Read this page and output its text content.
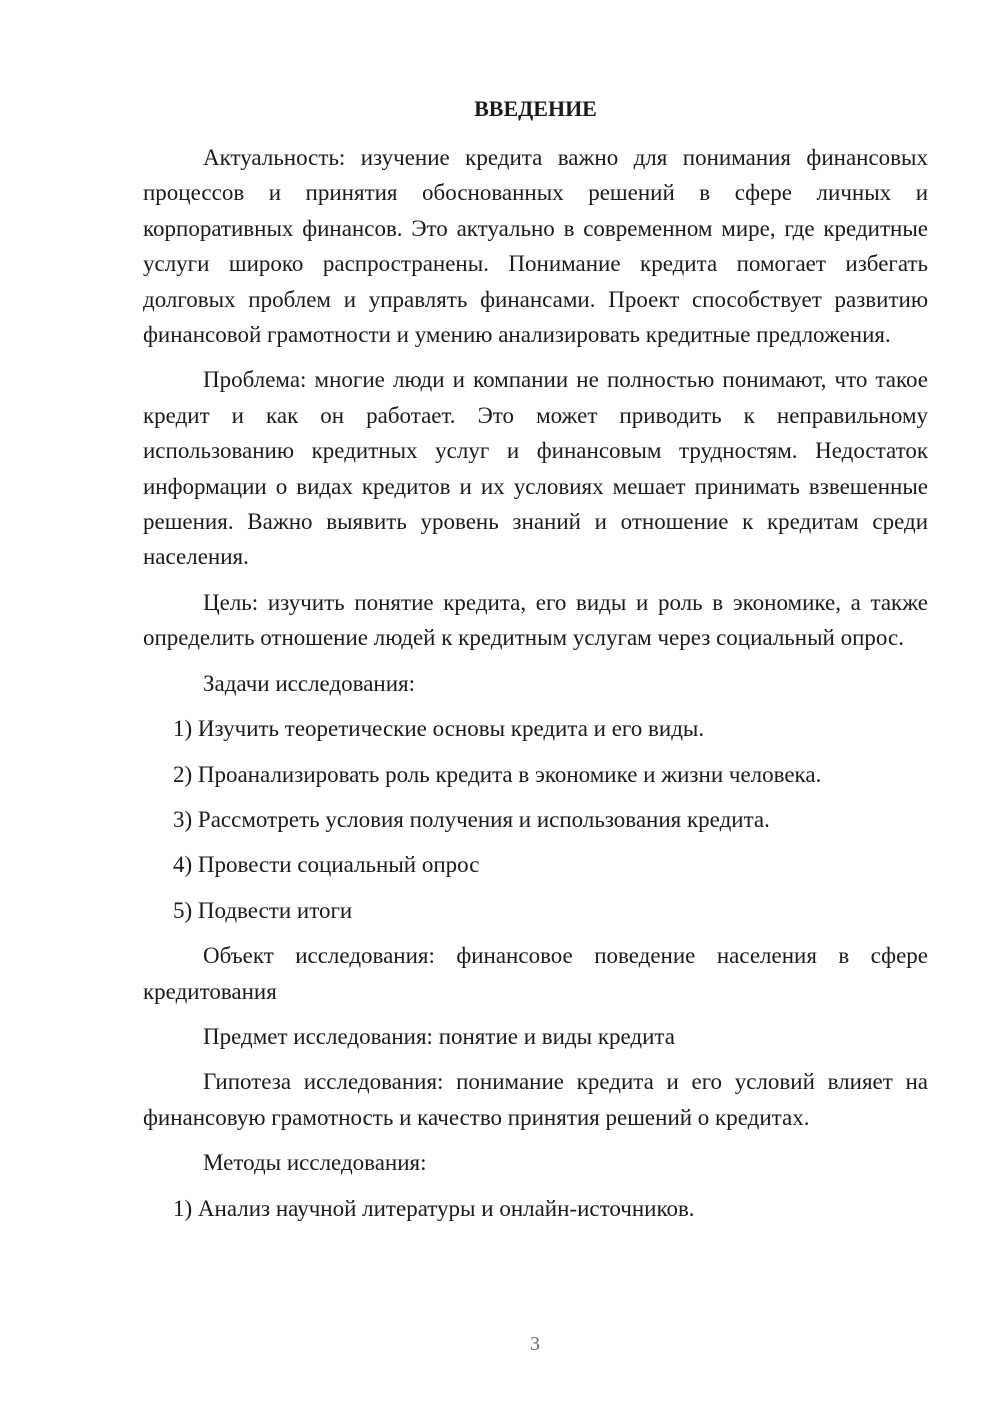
ВВЕДЕНИЕ

Актуальность: изучение кредита важно для понимания финансовых процессов и принятия обоснованных решений в сфере личных и корпоративных финансов. Это актуально в современном мире, где кредитные услуги широко распространены. Понимание кредита помогает избегать долговых проблем и управлять финансами. Проект способствует развитию финансовой грамотности и умению анализировать кредитные предложения.

Проблема: многие люди и компании не полностью понимают, что такое кредит и как он работает. Это может приводить к неправильному использованию кредитных услуг и финансовым трудностям. Недостаток информации о видах кредитов и их условиях мешает принимать взвешенные решения. Важно выявить уровень знаний и отношение к кредитам среди населения.

Цель: изучить понятие кредита, его виды и роль в экономике, а также определить отношение людей к кредитным услугам через социальный опрос.

Задачи исследования:
1) Изучить теоретические основы кредита и его виды.
2) Проанализировать роль кредита в экономике и жизни человека.
3) Рассмотреть условия получения и использования кредита.
4) Провести социальный опрос
5) Подвести итоги

Объект исследования: финансовое поведение населения в сфере кредитования

Предмет исследования: понятие и виды кредита

Гипотеза исследования: понимание кредита и его условий влияет на финансовую грамотность и качество принятия решений о кредитах.

Методы исследования:
1) Анализ научной литературы и онлайн-источников.
3
